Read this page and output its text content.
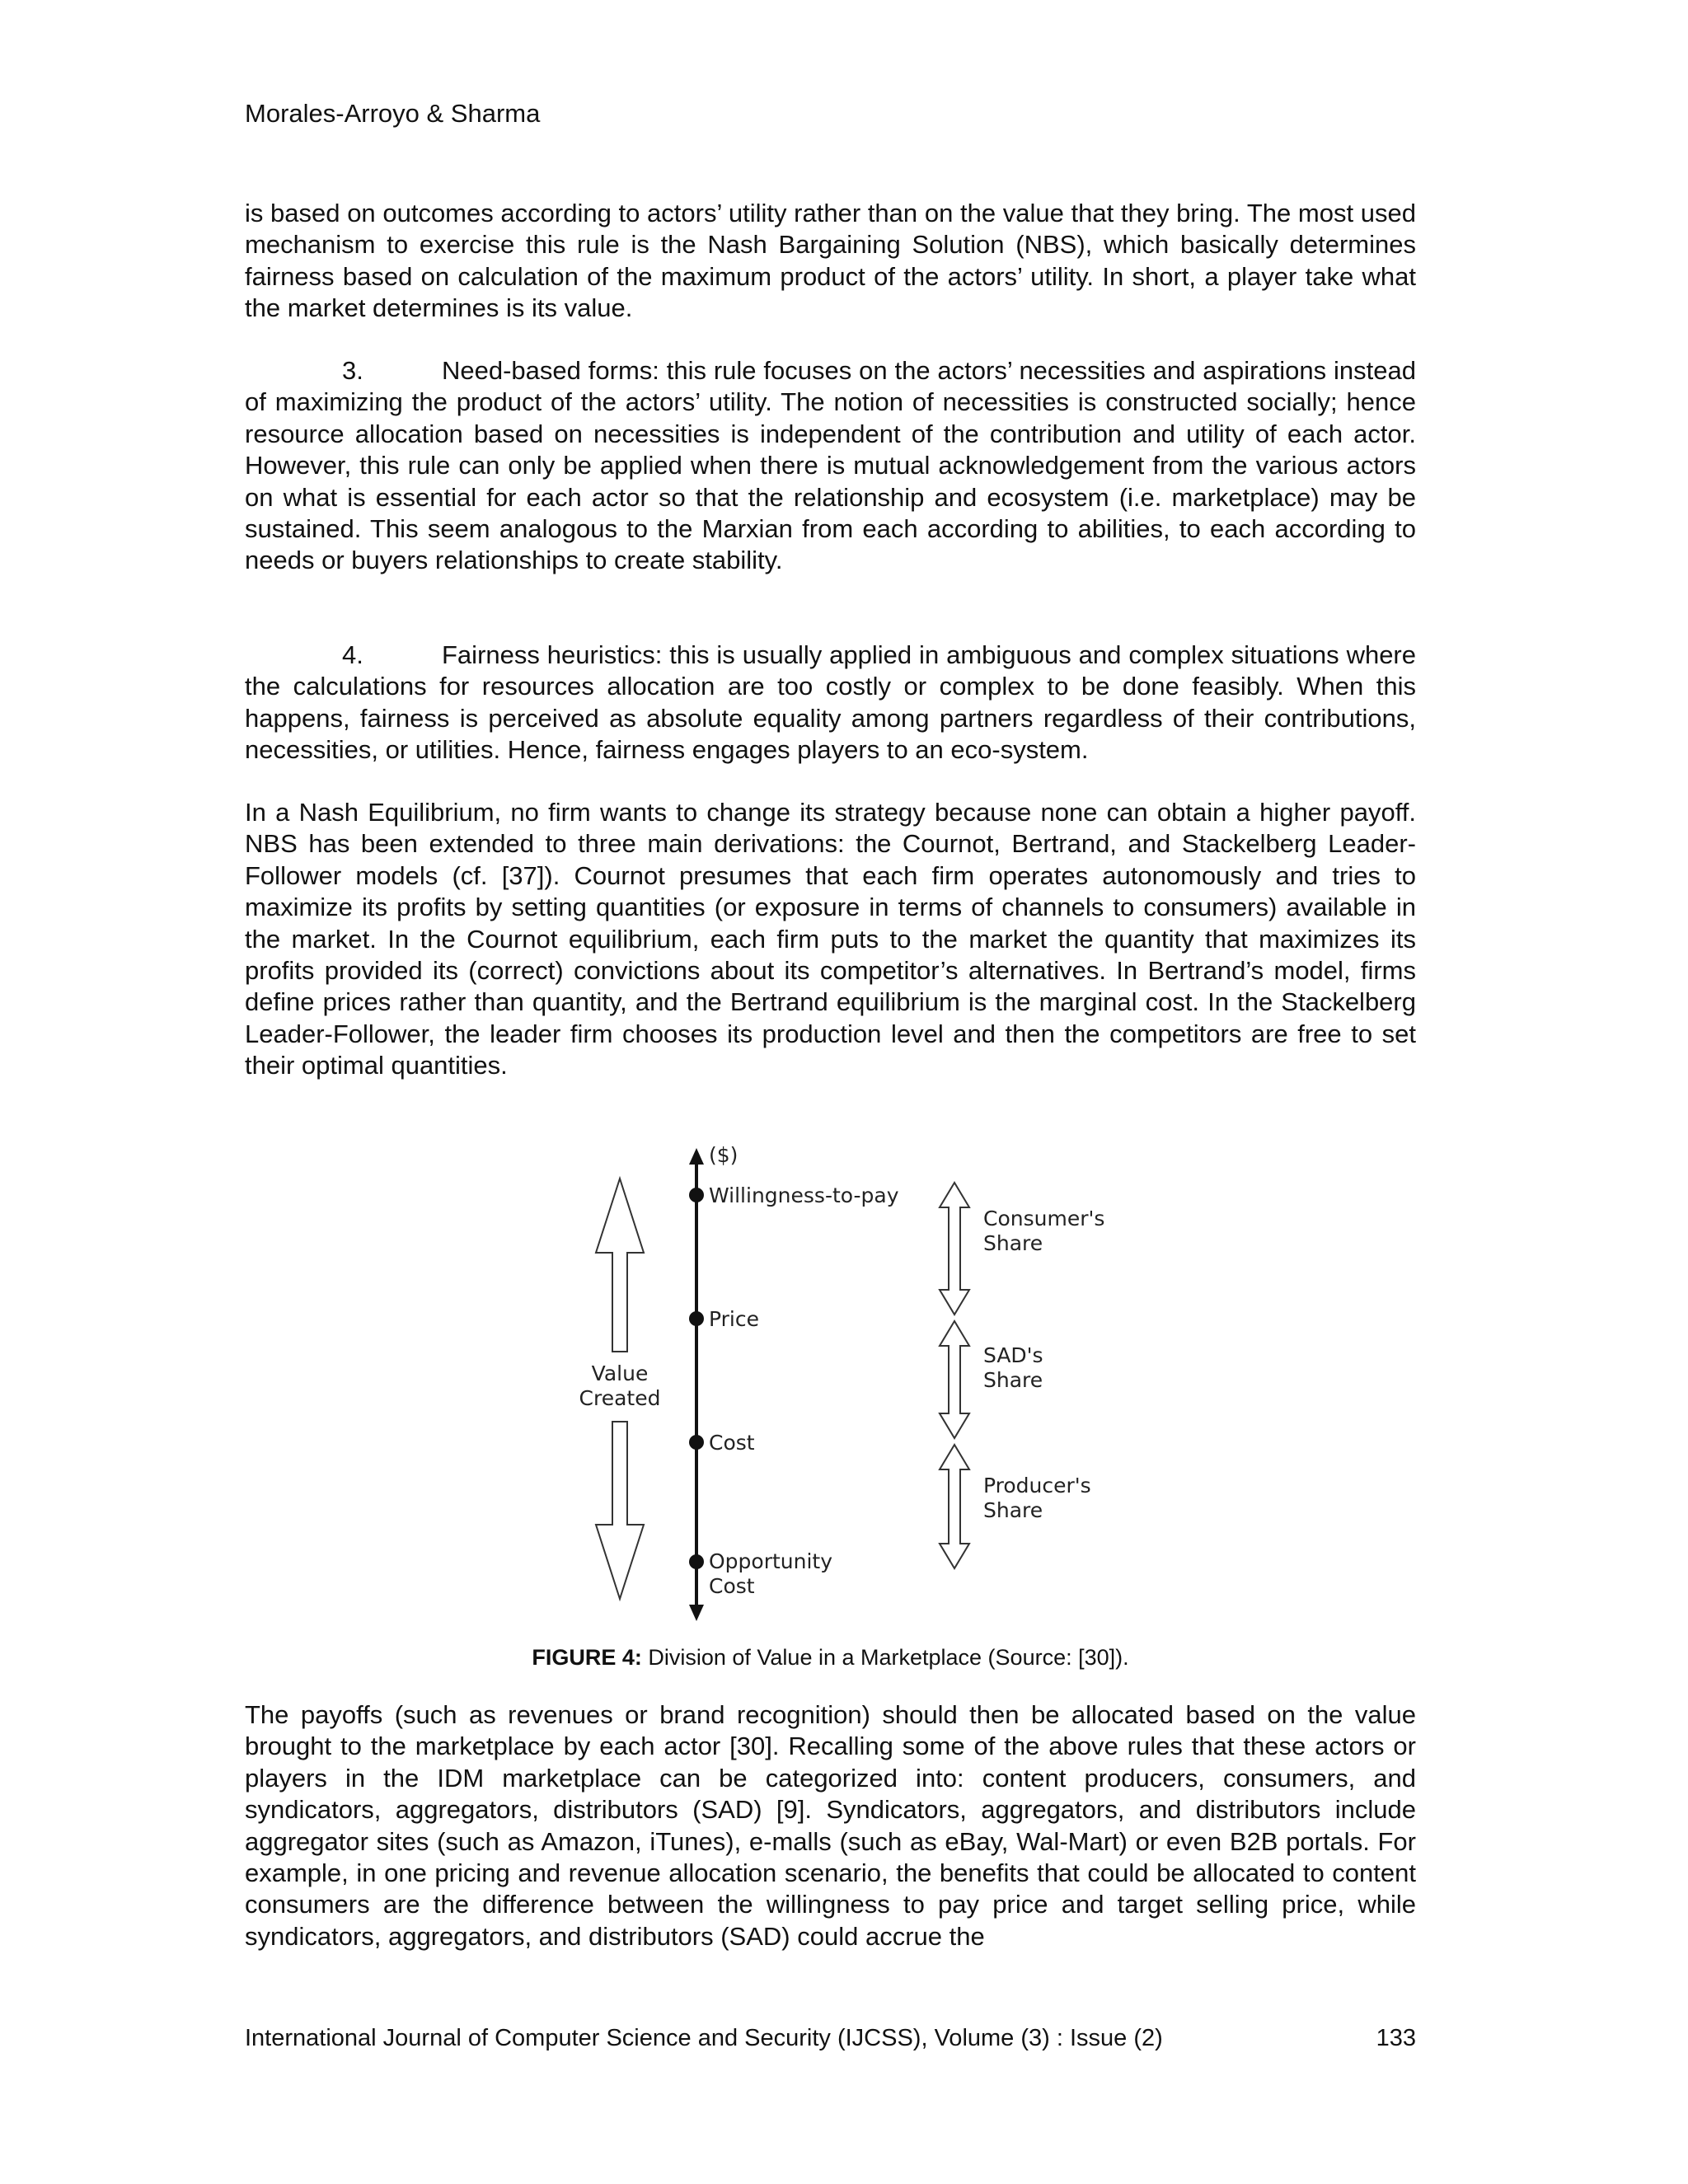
Morales-Arroyo & Sharma

is based on outcomes according to actors’ utility rather than on the value that they bring. The most used mechanism to exercise this rule is the Nash Bargaining Solution (NBS), which basically determines fairness based on calculation of the maximum product of the actors’ utility. In short, a player take what the market determines is its value.

3.	Need-based forms: this rule focuses on the actors’ necessities and aspirations instead of maximizing the product of the actors’ utility. The notion of necessities is constructed socially; hence resource allocation based on necessities is independent of the contribution and utility of each actor. However, this rule can only be applied when there is mutual acknowledgement from the various actors on what is essential for each actor so that the relationship and ecosystem (i.e. marketplace) may be sustained. This seem analogous to the Marxian from each according to abilities, to each according to needs or buyers relationships to create stability.

4.	Fairness heuristics: this is usually applied in ambiguous and complex situations where the calculations for resources allocation are too costly or complex to be done feasibly. When this happens, fairness is perceived as absolute equality among partners regardless of their contributions, necessities, or utilities. Hence, fairness engages players to an eco-system.

In a Nash Equilibrium, no firm wants to change its strategy because none can obtain a higher payoff. NBS has been extended to three main derivations: the Cournot, Bertrand, and Stackelberg Leader-Follower models (cf. [37]). Cournot presumes that each firm operates autonomously and tries to maximize its profits by setting quantities (or exposure in terms of channels to consumers) available in the market. In the Cournot equilibrium, each firm puts to the market the quantity that maximizes its profits provided its (correct) convictions about its competitor’s alternatives. In Bertrand’s model, firms define prices rather than quantity, and the Bertrand equilibrium is the marginal cost. In the Stackelberg Leader-Follower, the leader firm chooses its production level and then the competitors are free to set their optimal quantities.

($)
Willingness-to-pay
Price
Cost
Opportunity
Cost
Value
Created
Consumer's
Share
SAD's
Share
Producer's
Share
FIGURE 4: Division of Value in a Marketplace (Source: [30]).

The payoffs (such as revenues or brand recognition) should then be allocated based on the value brought to the marketplace by each actor [30]. Recalling some of the above rules that these actors or players in the IDM marketplace can be categorized into: content producers, consumers, and syndicators, aggregators, distributors (SAD) [9]. Syndicators, aggregators, and distributors include aggregator sites (such as Amazon, iTunes), e-malls (such as eBay, Wal-Mart) or even B2B portals. For example, in one pricing and revenue allocation scenario, the benefits that could be allocated to content consumers are the difference between the willingness to pay price and target selling price, while syndicators, aggregators, and distributors (SAD) could accrue the

International Journal of Computer Science and Security (IJCSS), Volume (3) : Issue (2)	133
